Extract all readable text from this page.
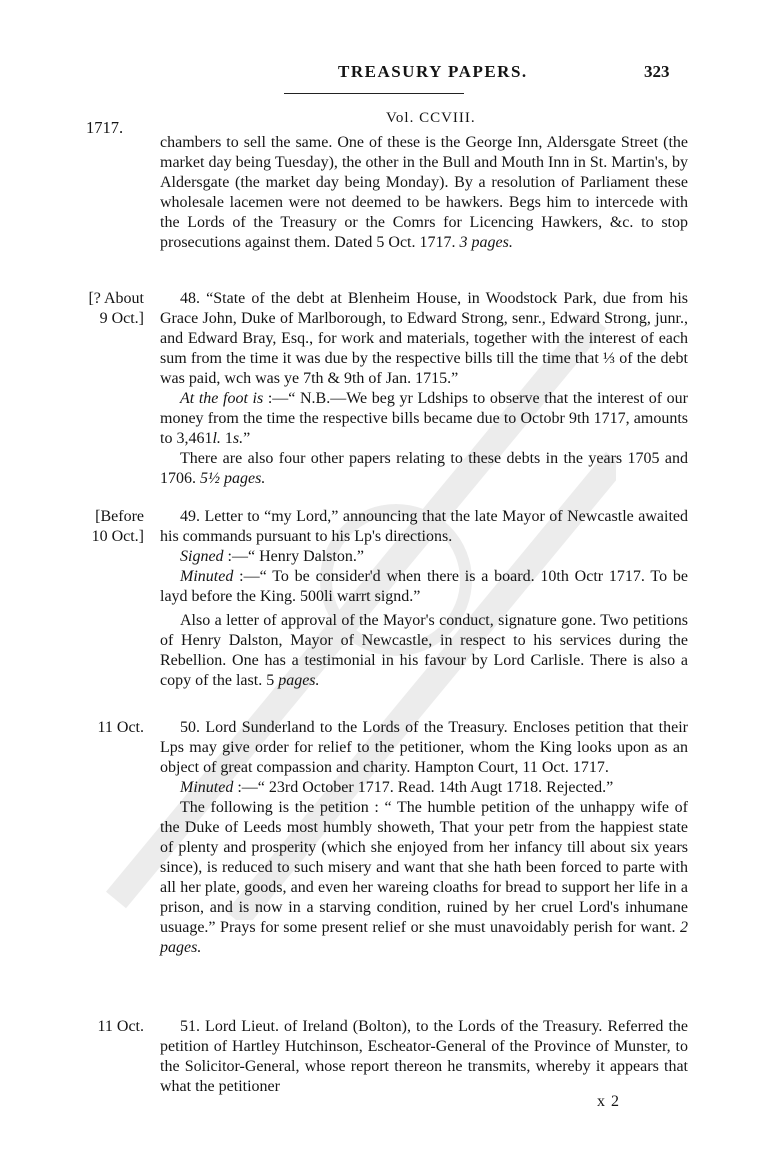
TREASURY PAPERS.	323
Vol. CCVIII.
1717.

chambers to sell the same. One of these is the George Inn, Aldersgate Street (the market day being Tuesday), the other in the Bull and Mouth Inn in St. Martin's, by Aldersgate (the market day being Monday). By a resolution of Parliament these wholesale lacemen were not deemed to be hawkers. Begs him to intercede with the Lords of the Treasury or the Comrs for Licencing Hawkers, &c. to stop prosecutions against them. Dated 5 Oct. 1717. 3 pages.

[? About
9 Oct.]

48. “State of the debt at Blenheim House, in Woodstock Park, due from his Grace John, Duke of Marlborough, to Edward Strong, senr., Edward Strong, junr., and Edward Bray, Esq., for work and materials, together with the interest of each sum from the time it was due by the respective bills till the time that ⅓ of the debt was paid, wch was ye 7th & 9th of Jan. 1715.”

At the foot is :—“ N.B.—We beg yr Ldships to observe that the interest of our money from the time the respective bills became due to Octobr 9th 1717, amounts to 3,461l. 1s.”

There are also four other papers relating to these debts in the years 1705 and 1706. 5½ pages.

[Before
10 Oct.]

49. Letter to “my Lord,” announcing that the late Mayor of Newcastle awaited his commands pursuant to his Lp's directions.

Signed :—“ Henry Dalston.”

Minuted :—“ To be consider'd when there is a board. 10th Octr 1717. To be layd before the King. 500li warrt signd.”

Also a letter of approval of the Mayor's conduct, signature gone. Two petitions of Henry Dalston, Mayor of Newcastle, in respect to his services during the Rebellion. One has a testimonial in his favour by Lord Carlisle. There is also a copy of the last. 5 pages.

11 Oct.	50. Lord Sunderland to the Lords of the Treasury. Encloses petition that their Lps may give order for relief to the petitioner, whom the King looks upon as an object of great compassion and charity. Hampton Court, 11 Oct. 1717.

Minuted :—“ 23rd October 1717. Read. 14th Augt 1718. Rejected.”

The following is the petition : “ The humble petition of the unhappy wife of the Duke of Leeds most humbly showeth, That your petr from the happiest state of plenty and prosperity (which she enjoyed from her infancy till about six years since), is reduced to such misery and want that she hath been forced to parte with all her plate, goods, and even her wareing cloaths for bread to support her life in a prison, and is now in a starving condition, ruined by her cruel Lord's inhumane usuage.” Prays for some present relief or she must unavoidably perish for want. 2 pages.

11 Oct.	51. Lord Lieut. of Ireland (Bolton), to the Lords of the Treasury. Referred the petition of Hartley Hutchinson, Escheator-General of the Province of Munster, to the Solicitor-General, whose report thereon he transmits, whereby it appears that what the petitioner

x 2
